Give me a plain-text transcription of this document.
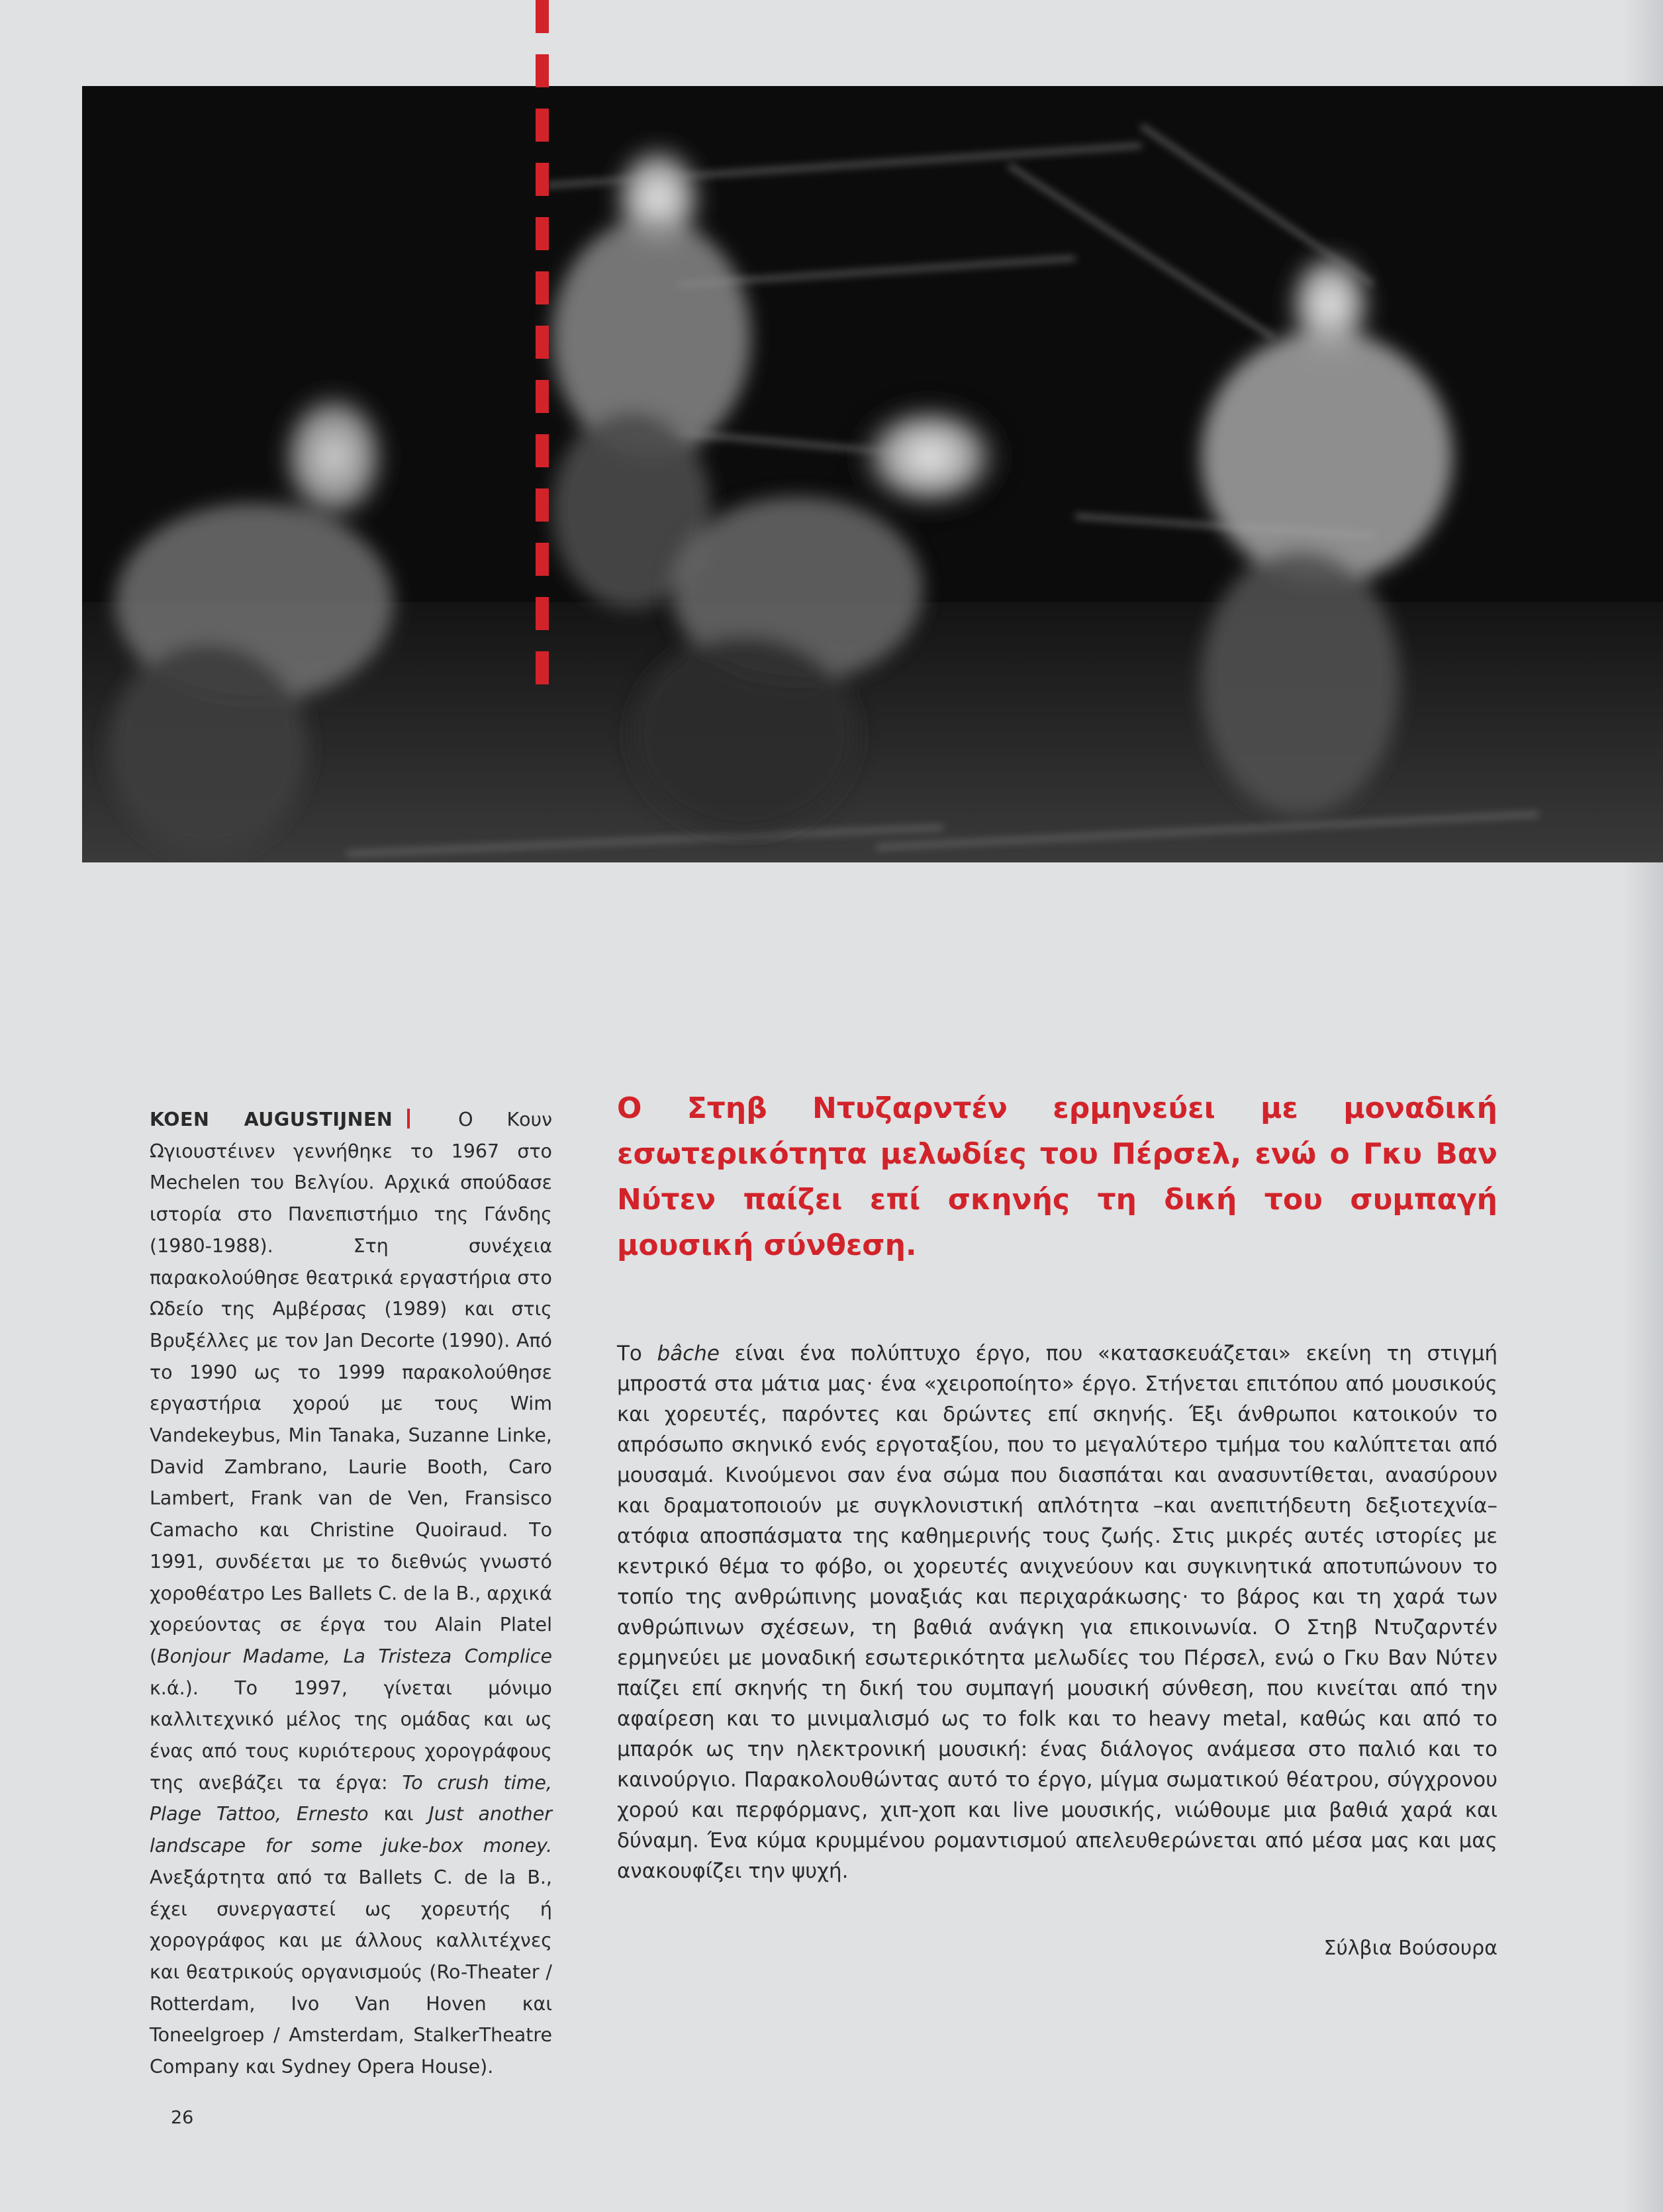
KOEN AUGUSTIJNEN Ο Κουν Ωγιουστέινεν γεννήθηκε το 1967 στο Mechelen του Βελγίου. Αρχικά σπούδασε ιστορία στο Πανεπιστήμιο της Γάνδης (1980-1988). Στη συνέχεια παρακολούθησε θεατρικά εργαστήρια στο Ωδείο της Αμβέρσας (1989) και στις Βρυξέλλες με τον Jan Decorte (1990). Από το 1990 ως το 1999 παρακολούθησε εργαστήρια χορού με τους Wim Vandekeybus, Min Tanaka, Suzanne Linke, David Zambrano, Laurie Booth, Caro Lambert, Frank van de Ven, Fransisco Camacho και Christine Quoiraud. Το 1991, συνδέεται με το διεθνώς γνωστό χοροθέατρο Les Ballets C. de la B., αρχικά χορεύοντας σε έργα του Alain Platel (Bonjour Madame, La Tristeza Complice κ.ά.). Το 1997, γίνεται μόνιμο καλλιτεχνικό μέλος της ομάδας και ως ένας από τους κυριότερους χορογράφους της ανεβάζει τα έργα: To crush time, Plage Tattoo, Ernesto και Just another landscape for some juke-box money. Ανεξάρτητα από τα Ballets C. de la B., έχει συνεργαστεί ως χορευτής ή χορογράφος και με άλλους καλλιτέχνες και θεατρικούς οργανισμούς (Ro-Theater / Rotterdam, Ivo Van Hoven και Toneelgroep / Amsterdam, StalkerTheatre Company και Sydney Opera House).

Ο Στηβ Ντυζαρντέν ερμηνεύει με μοναδική εσωτερικότητα μελωδίες του Πέρσελ, ενώ ο Γκυ Βαν Νύτεν παίζει επί σκηνής τη δική του συμπαγή μουσική σύνθεση.

Το bâche είναι ένα πολύπτυχο έργο, που «κατασκευάζεται» εκείνη τη στιγμή μπροστά στα μάτια μας· ένα «χειροποίητο» έργο. Στήνεται επιτόπου από μουσικούς και χορευτές, παρόντες και δρώντες επί σκηνής. Έξι άνθρωποι κατοικούν το απρόσωπο σκηνικό ενός εργοταξίου, που το μεγαλύτερο τμήμα του καλύπτεται από μουσαμά. Κινούμενοι σαν ένα σώμα που διασπάται και ανασυντίθεται, ανασύρουν και δραματοποιούν με συγκλονιστική απλότητα –και ανεπιτήδευτη δεξιοτεχνία– ατόφια αποσπάσματα της καθημερινής τους ζωής. Στις μικρές αυτές ιστορίες με κεντρικό θέμα το φόβο, οι χορευτές ανιχνεύουν και συγκινητικά αποτυπώνουν το τοπίο της ανθρώπινης μοναξιάς και περιχαράκωσης· το βάρος και τη χαρά των ανθρώπινων σχέσεων, τη βαθιά ανάγκη για επικοινωνία. Ο Στηβ Ντυζαρντέν ερμηνεύει με μοναδική εσωτερικότητα μελωδίες του Πέρσελ, ενώ ο Γκυ Βαν Νύτεν παίζει επί σκηνής τη δική του συμπαγή μουσική σύνθεση, που κινείται από την αφαίρεση και το μινιμαλισμό ως το folk και το heavy metal, καθώς και από το μπαρόκ ως την ηλεκτρονική μουσική: ένας διάλογος ανάμεσα στο παλιό και το καινούργιο. Παρακολουθώντας αυτό το έργο, μίγμα σωματικού θέατρου, σύγχρονου χορού και περφόρμανς, χιπ-χοπ και live μουσικής, νιώθουμε μια βαθιά χαρά και δύναμη. Ένα κύμα κρυμμένου ρομαντισμού απελευθερώνεται από μέσα μας και μας ανακουφίζει την ψυχή.

Σύλβια Βούσουρα

26
